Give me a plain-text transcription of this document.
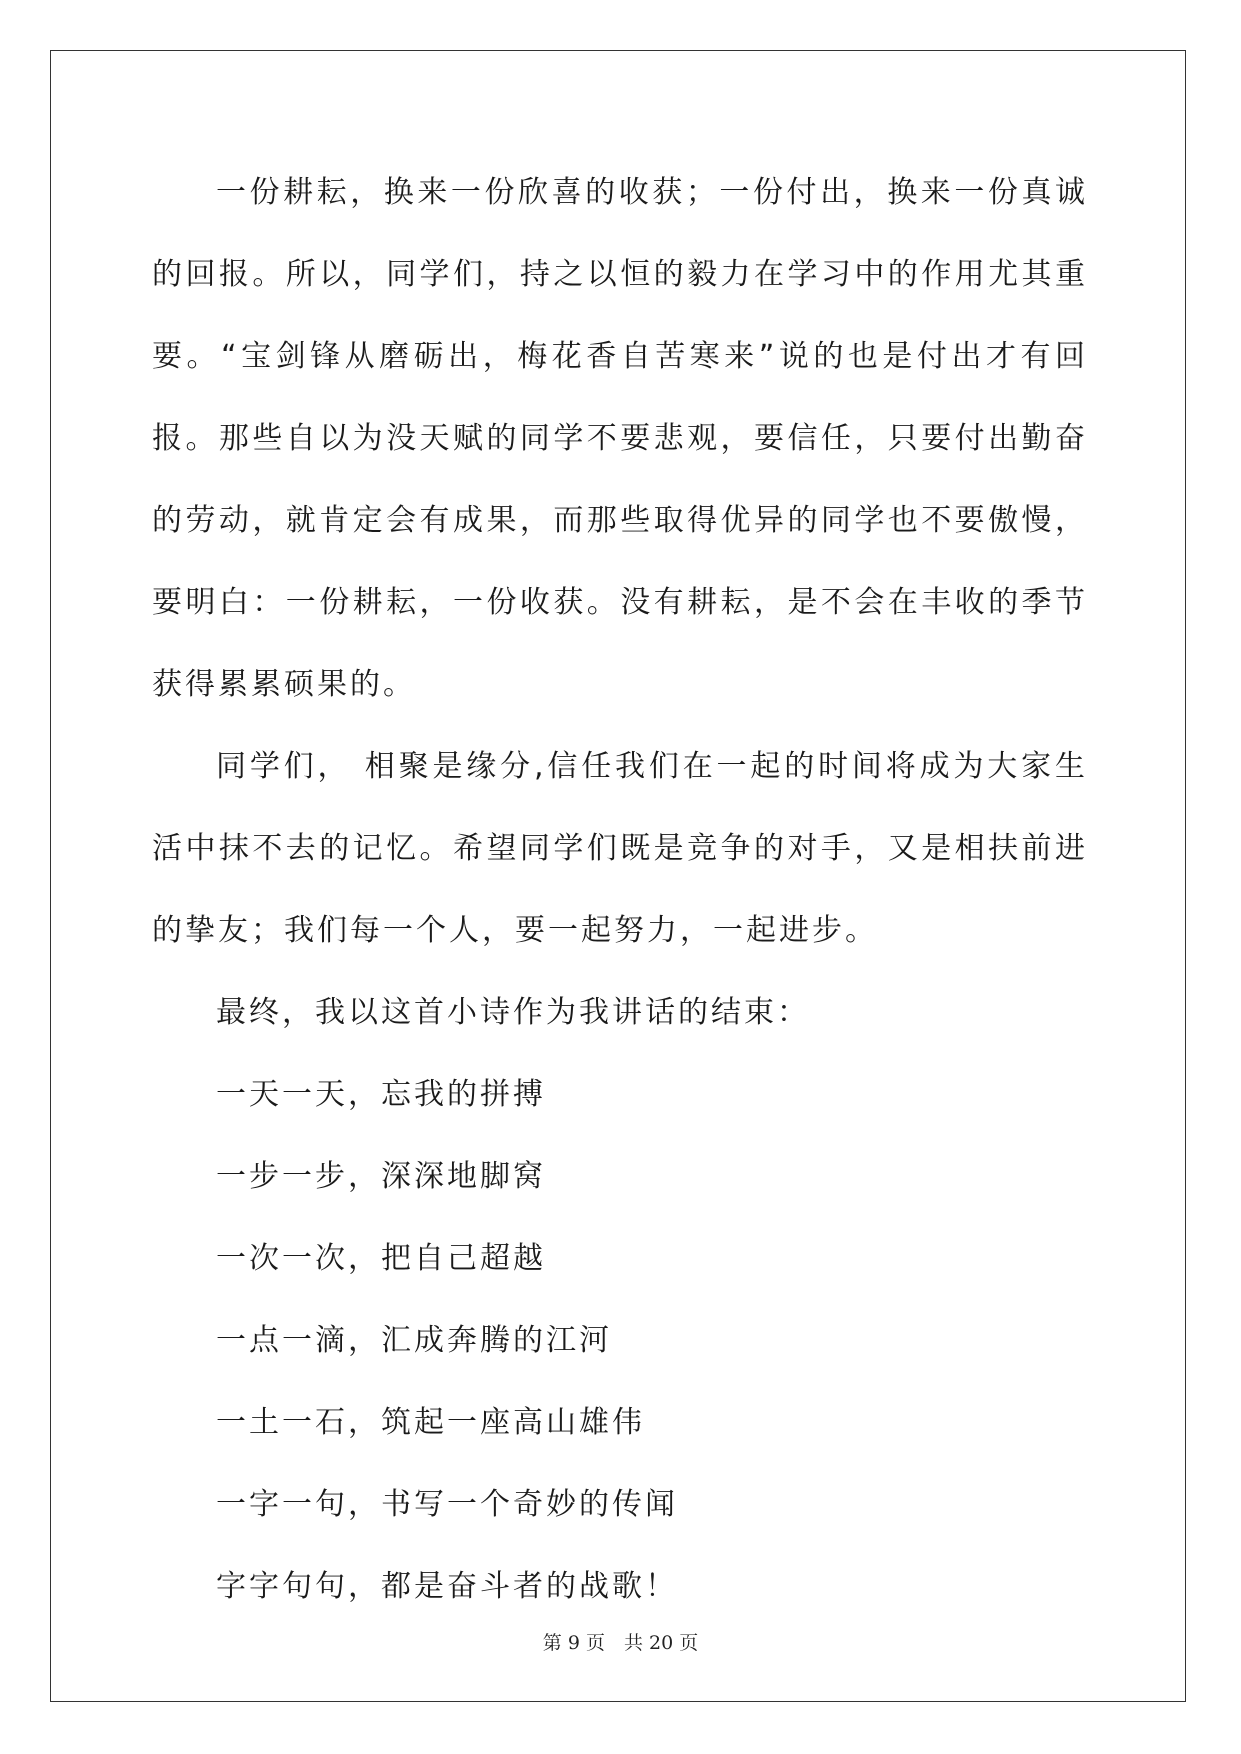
一份耕耘，换来一份欣喜的收获；一份付出，换来一份真诚的回报。所以，同学们，持之以恒的毅力在学习中的作用尤其重要。“宝剑锋从磨砺出，梅花香自苦寒来”说的也是付出才有回报。那些自以为没天赋的同学不要悲观，要信任，只要付出勤奋的劳动，就肯定会有成果，而那些取得优异的同学也不要傲慢，要明白：一份耕耘，一份收获。没有耕耘，是不会在丰收的季节获得累累硕果的。

同学们， 相聚是缘分,信任我们在一起的时间将成为大家生活中抹不去的记忆。希望同学们既是竞争的对手，又是相扶前进的挚友；我们每一个人，要一起努力，一起进步。

最终，我以这首小诗作为我讲话的结束：

一天一天，忘我的拼搏

一步一步，深深地脚窝

一次一次，把自己超越

一点一滴，汇成奔腾的江河

一土一石，筑起一座高山雄伟

一字一句，书写一个奇妙的传闻

字字句句，都是奋斗者的战歌！

第 9 页　共 20 页
